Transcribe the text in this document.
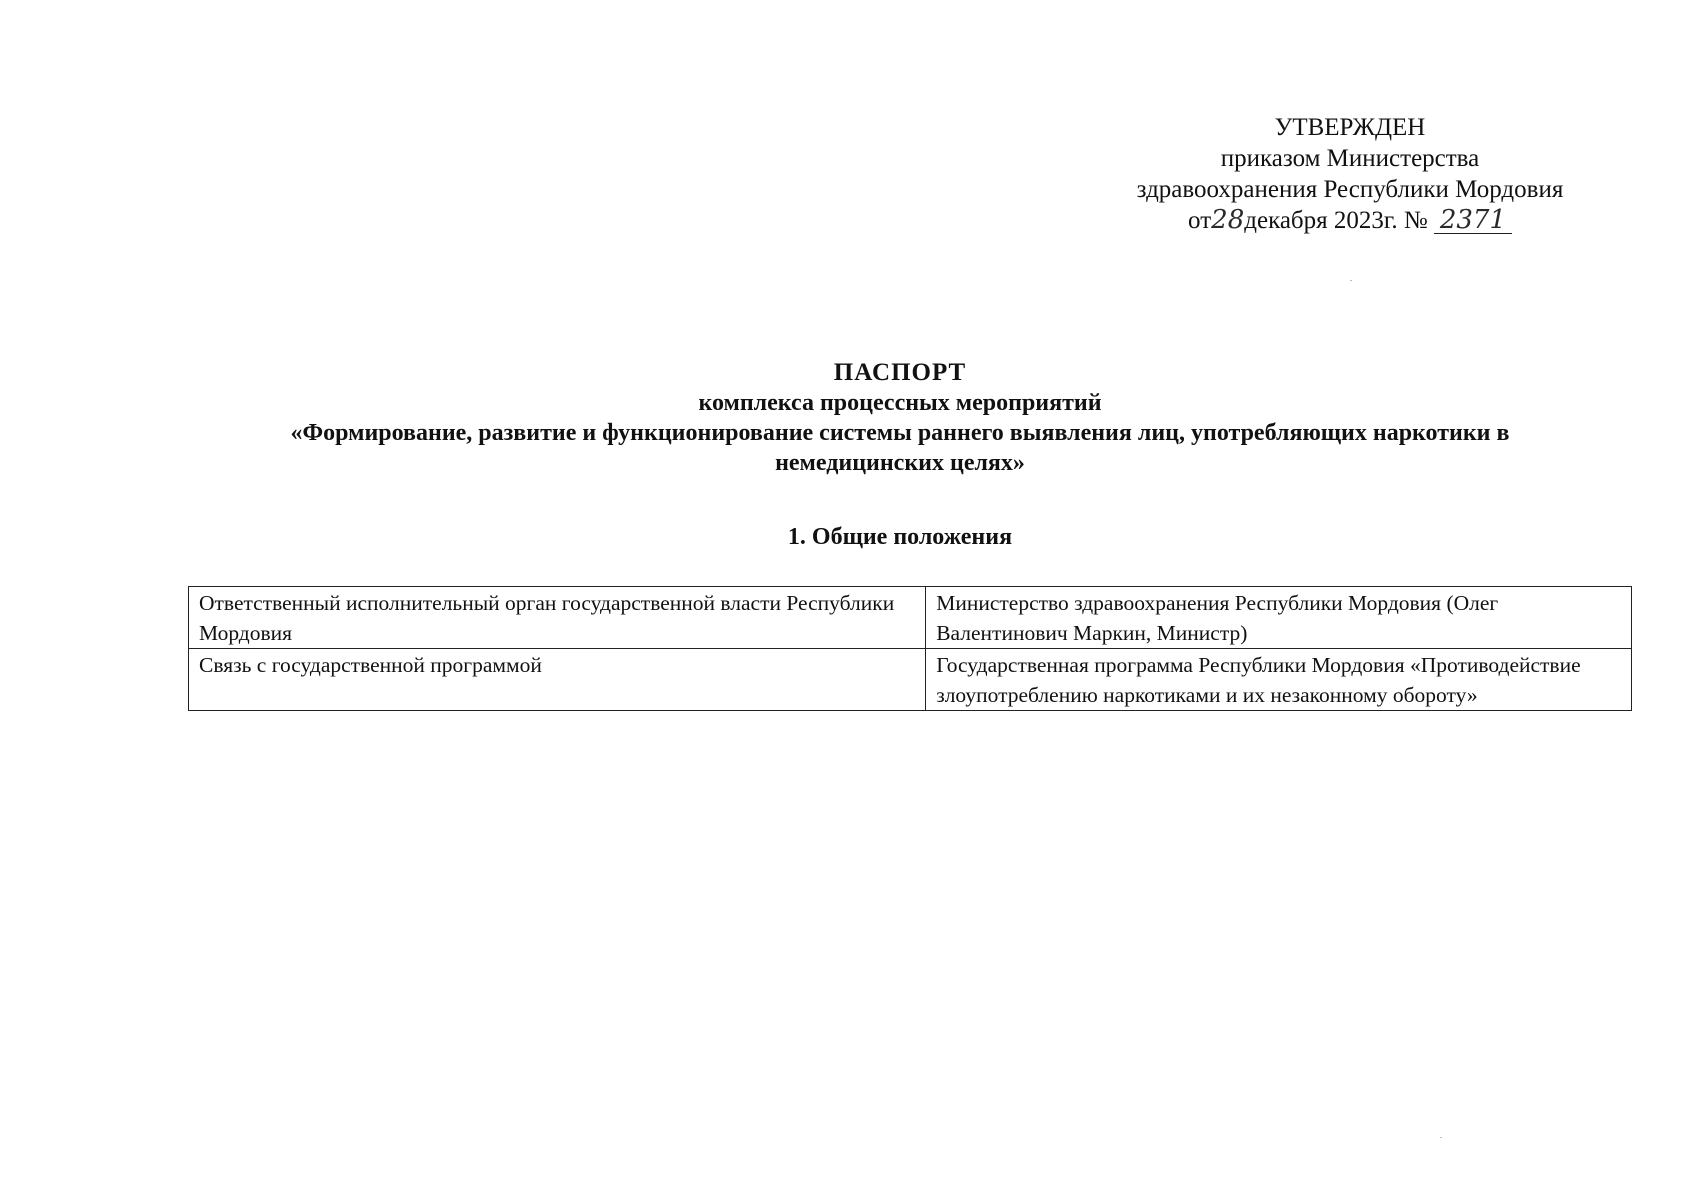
УТВЕРЖДЕН
приказом Министерства
здравоохранения Республики Мордовия
от28декабря 2023г. № 2371
ПАСПОРТ
комплекса процессных мероприятий
«Формирование, развитие и функционирование системы раннего выявления лиц, употребляющих наркотики в
немедицинских целях»
1. Общие положения
Ответственный исполнительный орган государственной власти Республики Мордовия	Министерство здравоохранения Республики Мордовия (Олег Валентинович Маркин, Министр)
Связь с государственной программой	Государственная программа Республики Мордовия «Противодействие злоупотреблению наркотиками и их незаконному обороту»
